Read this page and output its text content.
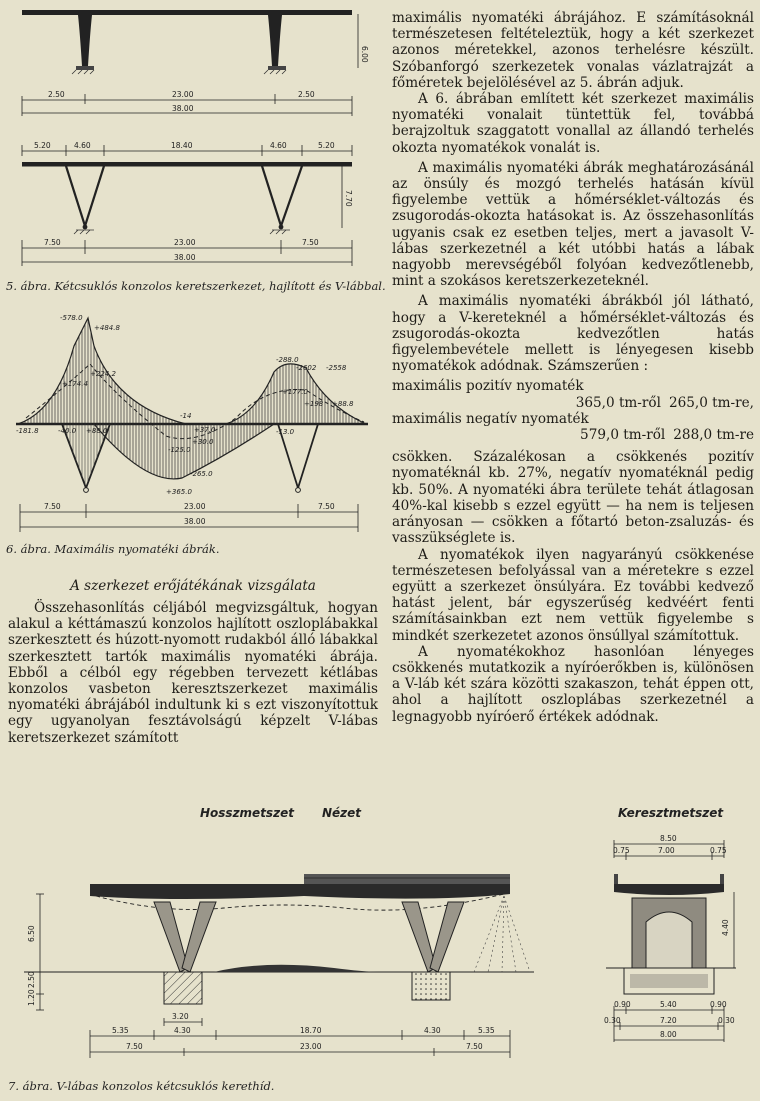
6.00
2.50	23.00	2.50
38.00
5.20	4.60	18.40	4.60	5.20
7.70
7.50	23.00	7.50
38.00
5. ábra. Kétcsuklós konzolos keretszerkezet, hajlított és V-lábbal.
-578.0
+484.8
-288.0
-2602 -2558
+224.2
+174.4
+177.0
+198 +88.8
-181.8	-40.0 +88.0
-14
+37.0
+30.0
-125.0
-265.0
+365.0
-13.0
7.50	23.00	7.50
38.00
6. ábra. Maximális nyomatéki ábrák.
A szerkezet erőjátékának vizsgálata

Összehasonlítás céljából megvizsgáltuk, hogyan alakul a kéttámaszú konzolos hajlított oszloplábakkal szerkesztett és húzott-nyomott rudakból álló lábakkal szerkesztett tartók maximális nyomatéki ábrája. Ebből a célból egy régebben tervezett kétlábas konzolos vasbeton keresztszerkezet maximális nyomatéki ábrájából indultunk ki s ezt viszonyítottuk egy ugyanolyan fesztávolságú képzelt V-lábas keretszerkezet számított

maximális nyomatéki ábrájához. E számításoknál természetesen feltételeztük, hogy a két szerkezet azonos méretekkel, azonos terhelésre készült. Szóbanforgó szerkezetek vonalas vázlatrajzát a főméretek bejelölésével az 5. ábrán adjuk.

A 6. ábrában említett két szerkezet maximális nyomatéki vonalait tüntettük fel, továbbá berajzoltuk szaggatott vonallal az állandó terhelés okozta nyomatékok vonalát is.

A maximális nyomatéki ábrák meghatározásánál az önsúly és mozgó terhelés hatásán kívül figyelembe vettük a hőmérséklet-változás és zsugorodás-okozta hatásokat is. Az összehasonlítás ugyanis csak ez esetben teljes, mert a javasolt V-lábas szerkezetnél a két utóbbi hatás a lábak nagyobb merevségéből folyóan kedvezőtlenebb, mint a szokásos keretszerkezeteknél.

A maximális nyomatéki ábrákból jól látható, hogy a V-kereteknél a hőmérséklet-változás és zsugorodás-okozta kedvezőtlen hatás figyelembevétele mellett is lényegesen kisebb nyomatékok adódnak. Számszerűen :

maximális pozitív nyomaték
365,0 tm-ről 265,0 tm-re,
maximális negatív nyomaték
579,0 tm-ről 288,0 tm-re

csökken. Százalékosan a csökkenés pozitív nyomatéknál kb. 27%, negatív nyomatéknál pedig kb. 50%. A nyomatéki ábra területe tehát átlagosan 40%-kal kisebb s ezzel együtt — ha nem is teljesen arányosan — csökken a főtartó beton-zsaluzás- és vasszükséglete is.

A nyomatékok ilyen nagyarányú csökkenése természetesen befolyással van a méretekre s ezzel együtt a szerkezet önsúlyára. Ez további kedvező hatást jelent, bár egyszerűség kedvéért fenti számításainkban ezt nem vettük figyelembe s mindkét szerkezetet azonos önsúllyal számítottuk.

A nyomatékokhoz hasonlóan lényeges csökkenés mutatkozik a nyíróerőkben is, különösen a V-láb két szára közötti szakaszon, tehát éppen ott, ahol a hajlított oszloplábas szerkezetnél a legnagyobb nyíróerő értékek adódnak.

Hosszmetszet Nézet	Keresztmetszet
6.50
2.50
1.20
3.20
5.35	4.30	18.70	4.30	5.35
7.50	23.00	7.50
8.50
0.75	7.00	0.75
4.40
0.90	5.40	0.90
0.30	7.20	0.30
8.00
7. ábra. V-lábas konzolos kétcsuklós kerethíd.
